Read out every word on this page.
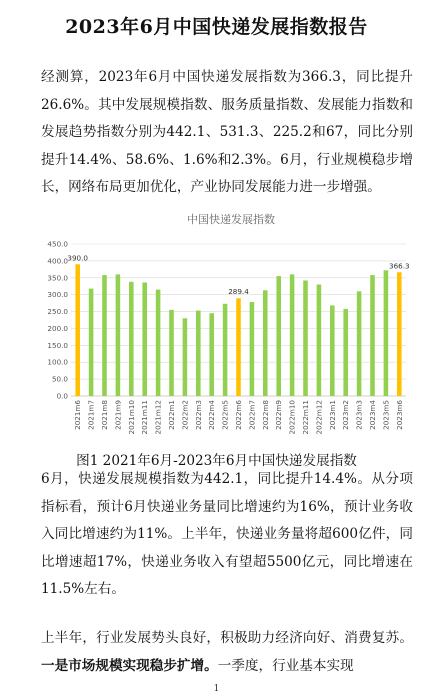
2023年6月中国快递发展指数报告
经测算，2023年6月中国快递发展指数为366.3，同比提升26.6%。其中发展规模指数、服务质量指数、发展能力指数和发展趋势指数分别为442.1、531.3、225.2和67，同比分别提升14.4%、58.6%、1.6%和2.3%。6月，行业规模稳步增长，网络布局更加优化，产业协同发展能力进一步增强。
中国快递发展指数
0.0
50.0
100.0
150.0
200.0
250.0
300.0
350.0
400.0
450.0
390.0
289.4
366.3
2021m6 2021m7 2021m8 2021m9 2021m10 2021m11 2021m12 2022m1 2022m2 2022m3 2022m4 2022m5 2022m6 2022m7 2022m8 2022m9 2022m10 2022m11 2022m12 2023m1 2023m2 2023m3 2023m4 2023m5 2023m6
图1 2021年6月-2023年6月中国快递发展指数
6月，快递发展规模指数为442.1，同比提升14.4%。从分项指标看，预计6月快递业务量同比增速约为16%，预计业务收入同比增速约为11%。上半年，快递业务量将超600亿件，同比增速超17%，快递业务收入有望超5500亿元，同比增速在11.5%左右。
上半年，行业发展势头良好，积极助力经济向好、消费复苏。一是市场规模实现稳步扩增。一季度，行业基本实现
1
